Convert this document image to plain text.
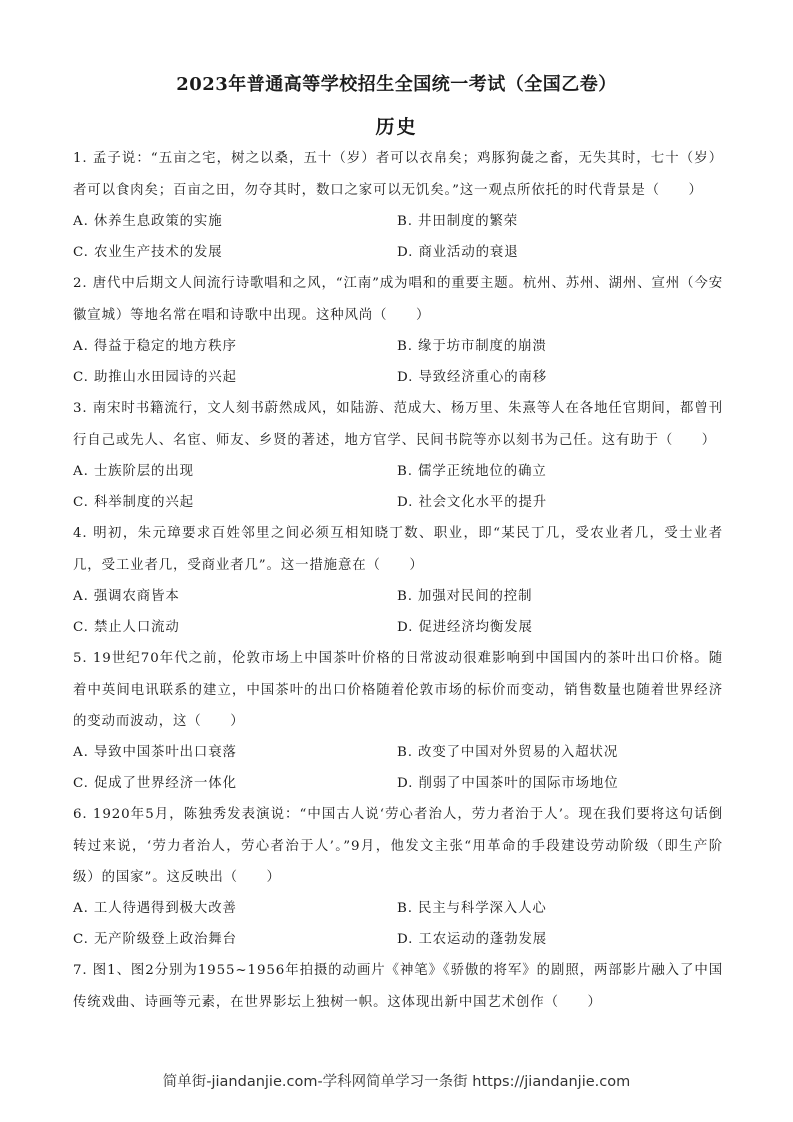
2023年普通高等学校招生全国统一考试（全国乙卷）
历史
1. 孟子说：“五亩之宅，树之以桑，五十（岁）者可以衣帛矣；鸡豚狗彘之畜，无失其时，七十（岁）者可以食肉矣；百亩之田，勿夺其时，数口之家可以无饥矣。”这一观点所依托的时代背景是（　　）
A. 休养生息政策的实施	B. 井田制度的繁荣
C. 农业生产技术的发展	D. 商业活动的衰退
2. 唐代中后期文人间流行诗歌唱和之风，“江南”成为唱和的重要主题。杭州、苏州、湖州、宣州（今安徽宣城）等地名常在唱和诗歌中出现。这种风尚（　　）
A. 得益于稳定的地方秩序	B. 缘于坊市制度的崩溃
C. 助推山水田园诗的兴起	D. 导致经济重心的南移
3. 南宋时书籍流行，文人刻书蔚然成风，如陆游、范成大、杨万里、朱熹等人在各地任官期间，都曾刊行自己或先人、名宦、师友、乡贤的著述，地方官学、民间书院等亦以刻书为己任。这有助于（　　）
A. 士族阶层的出现	B. 儒学正统地位的确立
C. 科举制度的兴起	D. 社会文化水平的提升
4. 明初，朱元璋要求百姓邻里之间必须互相知晓丁数、职业，即“某民丁几，受农业者几，受士业者几，受工业者几，受商业者几”。这一措施意在（　　）
A. 强调农商皆本	B. 加强对民间的控制
C. 禁止人口流动	D. 促进经济均衡发展
5. 19世纪70年代之前，伦敦市场上中国茶叶价格的日常波动很难影响到中国国内的茶叶出口价格。随着中英间电讯联系的建立，中国茶叶的出口价格随着伦敦市场的标价而变动，销售数量也随着世界经济的变动而波动，这（　　）
A. 导致中国茶叶出口衰落	B. 改变了中国对外贸易的入超状况
C. 促成了世界经济一体化	D. 削弱了中国茶叶的国际市场地位
6. 1920年5月，陈独秀发表演说：“中国古人说‘劳心者治人，劳力者治于人’。现在我们要将这句话倒转过来说，‘劳力者治人，劳心者治于人’。”9月，他发文主张“用革命的手段建设劳动阶级（即生产阶级）的国家”。这反映出（　　）
A. 工人待遇得到极大改善	B. 民主与科学深入人心
C. 无产阶级登上政治舞台	D. 工农运动的蓬勃发展
7. 图1、图2分别为1955~1956年拍摄的动画片《神笔》《骄傲的将军》的剧照，两部影片融入了中国传统戏曲、诗画等元素，在世界影坛上独树一帜。这体现出新中国艺术创作（　　）
简单街-jiandanjie.com-学科网简单学习一条街 https://jiandanjie.com
